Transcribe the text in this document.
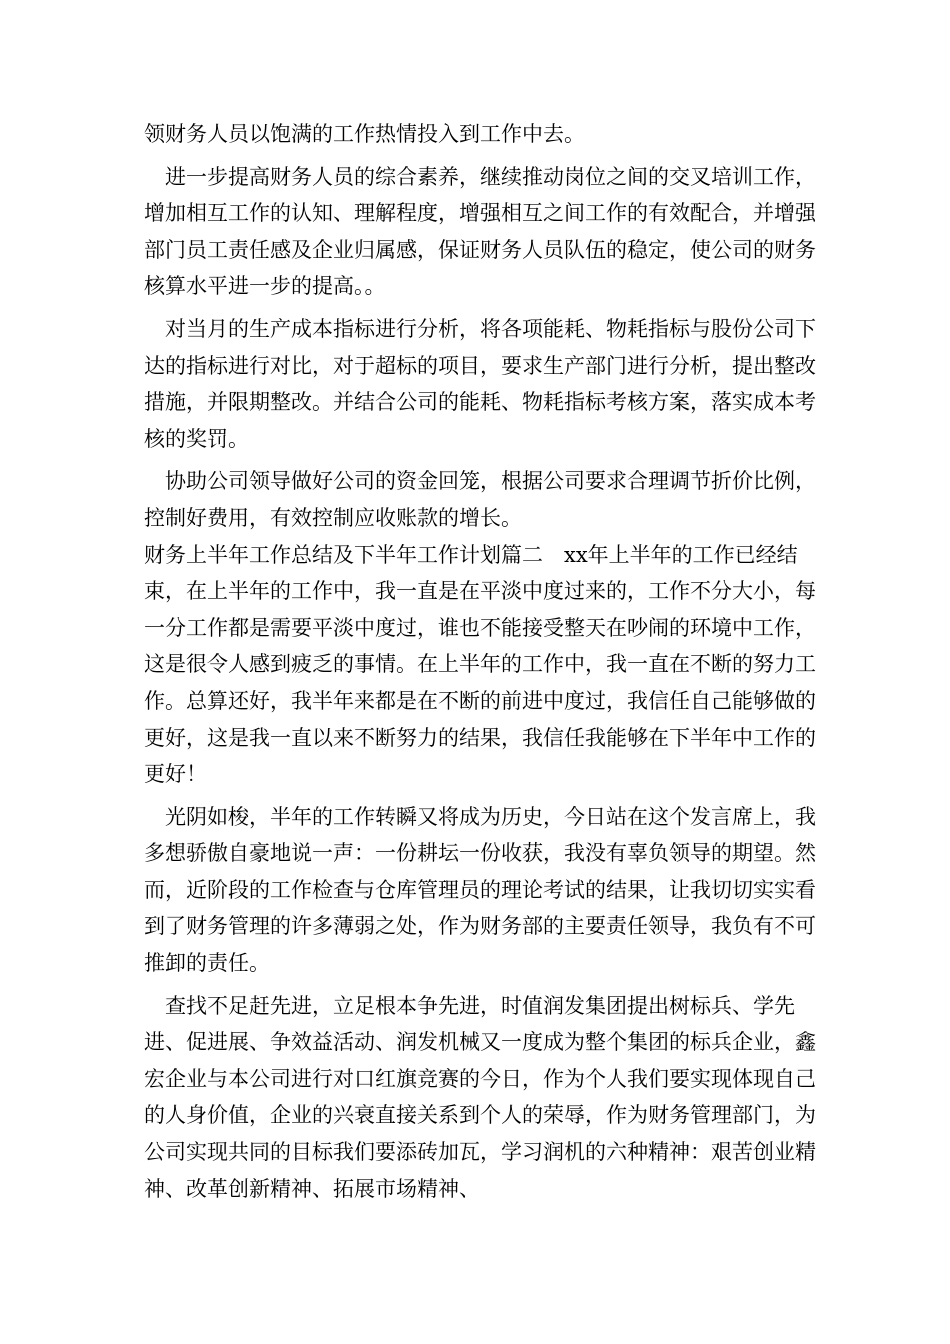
领财务人员以饱满的工作热情投入到工作中去。

进一步提高财务人员的综合素养，继续推动岗位之间的交叉培训工作，增加相互工作的认知、理解程度，增强相互之间工作的有效配合，并增强部门员工责任感及企业归属感，保证财务人员队伍的稳定，使公司的财务核算水平进一步的提高。。

对当月的生产成本指标进行分析，将各项能耗、物耗指标与股份公司下达的指标进行对比，对于超标的项目，要求生产部门进行分析，提出整改措施，并限期整改。并结合公司的能耗、物耗指标考核方案，落实成本考核的奖罚。

协助公司领导做好公司的资金回笼，根据公司要求合理调节折价比例，控制好费用，有效控制应收账款的增长。

财务上半年工作总结及下半年工作计划篇二　xx年上半年的工作已经结束，在上半年的工作中，我一直是在平淡中度过来的，工作不分大小，每一分工作都是需要平淡中度过，谁也不能接受整天在吵闹的环境中工作，这是很令人感到疲乏的事情。在上半年的工作中，我一直在不断的努力工作。总算还好，我半年来都是在不断的前进中度过，我信任自己能够做的更好，这是我一直以来不断努力的结果，我信任我能够在下半年中工作的更好！

光阴如梭，半年的工作转瞬又将成为历史，今日站在这个发言席上，我多想骄傲自豪地说一声：一份耕坛一份收获，我没有辜负领导的期望。然而，近阶段的工作检查与仓库管理员的理论考试的结果，让我切切实实看到了财务管理的许多薄弱之处，作为财务部的主要责任领导，我负有不可推卸的责任。

查找不足赶先进，立足根本争先进，时值润发集团提出树标兵、学先进、促进展、争效益活动、润发机械又一度成为整个集团的标兵企业，鑫宏企业与本公司进行对口红旗竞赛的今日，作为个人我们要实现体现自己的人身价值，企业的兴衰直接关系到个人的荣辱，作为财务管理部门，为公司实现共同的目标我们要添砖加瓦，学习润机的六种精神：艰苦创业精神、改革创新精神、拓展市场精神、
